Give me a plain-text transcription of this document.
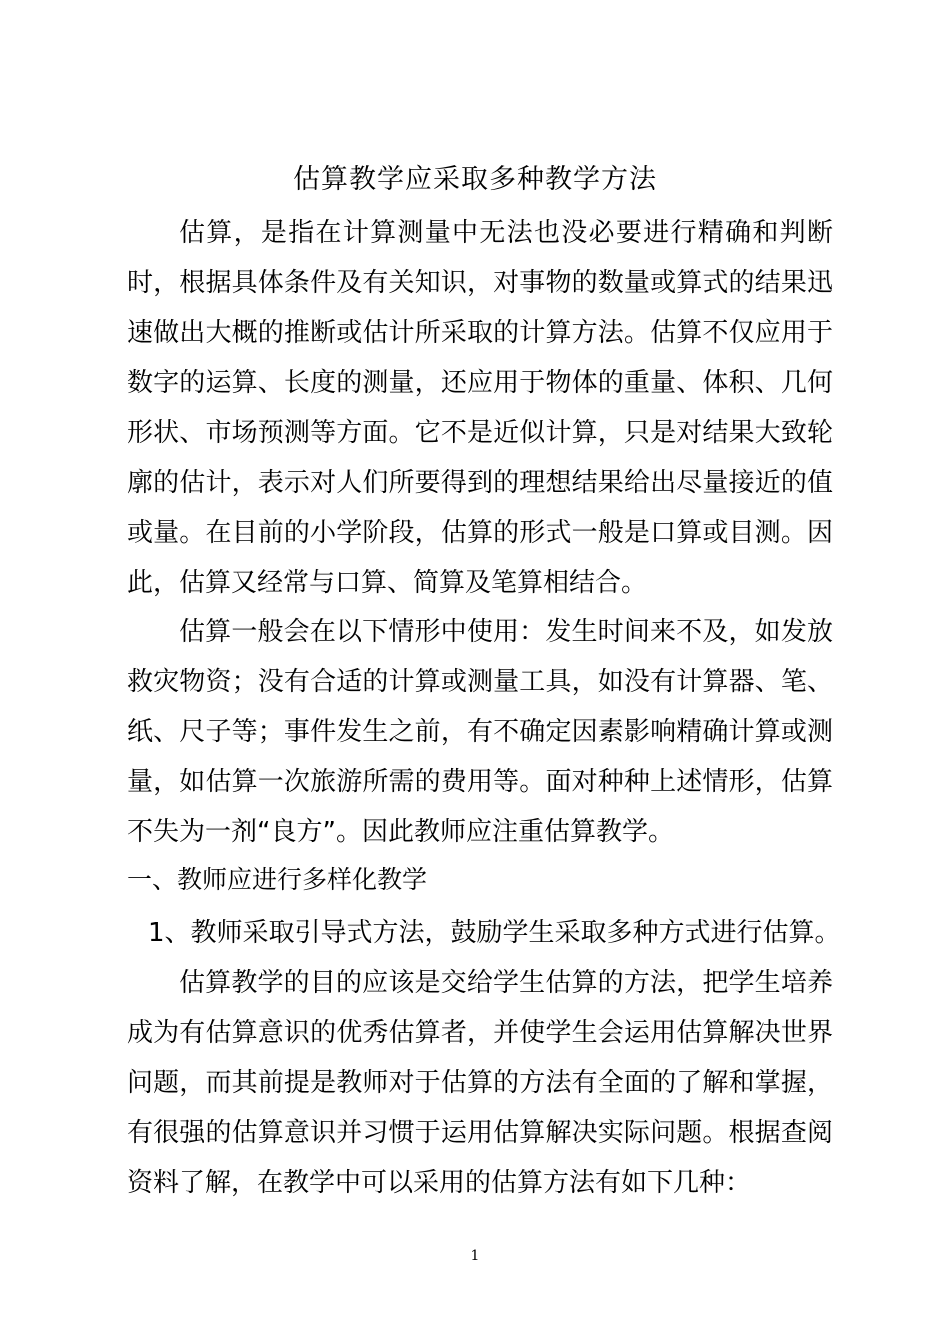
估算教学应采取多种教学方法

估算，是指在计算测量中无法也没必要进行精确和判断时，根据具体条件及有关知识，对事物的数量或算式的结果迅速做出大概的推断或估计所采取的计算方法。估算不仅应用于数字的运算、长度的测量，还应用于物体的重量、体积、几何形状、市场预测等方面。它不是近似计算，只是对结果大致轮廓的估计，表示对人们所要得到的理想结果给出尽量接近的值或量。在目前的小学阶段，估算的形式一般是口算或目测。因此，估算又经常与口算、简算及笔算相结合。

估算一般会在以下情形中使用：发生时间来不及，如发放救灾物资；没有合适的计算或测量工具，如没有计算器、笔、纸、尺子等；事件发生之前，有不确定因素影响精确计算或测量，如估算一次旅游所需的费用等。面对种种上述情形，估算不失为一剂“良方”。因此教师应注重估算教学。

一、教师应进行多样化教学

1、教师采取引导式方法，鼓励学生采取多种方式进行估算。

估算教学的目的应该是交给学生估算的方法，把学生培养成为有估算意识的优秀估算者，并使学生会运用估算解决世界问题，而其前提是教师对于估算的方法有全面的了解和掌握，有很强的估算意识并习惯于运用估算解决实际问题。根据查阅资料了解，在教学中可以采用的估算方法有如下几种：

1
